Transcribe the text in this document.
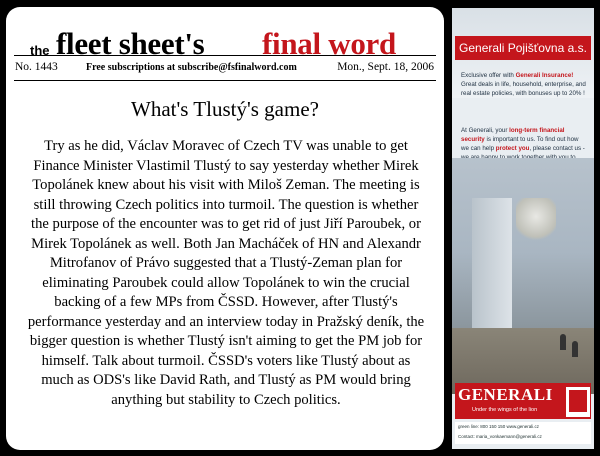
the fleet sheet's final word
No. 1443	Free subscriptions at subscribe@fsfinalword.com	Mon., Sept. 18, 2006
What's Tlustý's game?
Try as he did, Václav Moravec of Czech TV was unable to get Finance Minister Vlastimil Tlustý to say yesterday whether Mirek Topolánek knew about his visit with Miloš Zeman. The meeting is still throwing Czech politics into turmoil. The question is whether the purpose of the encounter was to get rid of just Jiří Paroubek, or Mirek Topolánek as well. Both Jan Macháček of HN and Alexandr Mitrofanov of Právo suggested that a Tlustý-Zeman plan for eliminating Paroubek could allow Topolánek to win the crucial backing of a few MPs from ČSSD. However, after Tlustý's performance yesterday and an interview today in Pražský deník, the bigger question is whether Tlustý isn't aiming to get the PM job for himself. Talk about turmoil. ČSSD's voters like Tlustý about as much as ODS's like David Rath, and Tlustý as PM would bring anything but stability to Czech politics.
Generali Pojišťovna a.s.
Exclusive offer with Generali Insurance! Great deals in life, household, enterprise, and real estate policies, with bonuses up to 20% !
At Generali, your long-term financial security is important to us. To find out how we can help protect you, please contact us -
GENERALI
Under the wings of the lion
green line: 800 150 150 www.generali.cz
Contact: maria_vonkaemann@generali.cz
